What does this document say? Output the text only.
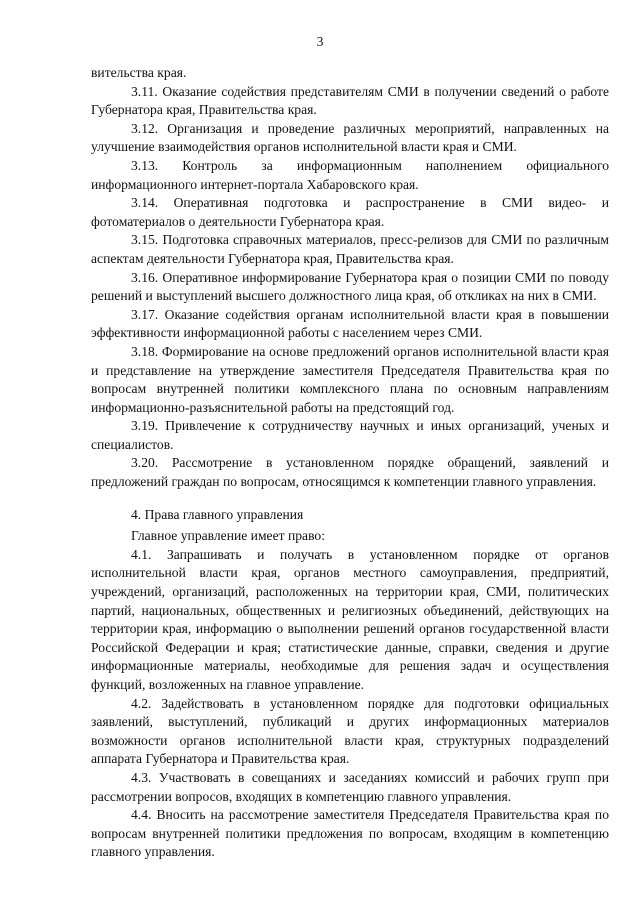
3

вительства края.

3.11. Оказание содействия представителям СМИ в получении сведений о работе Губернатора края, Правительства края.

3.12. Организация и проведение различных мероприятий, направленных на улучшение взаимодействия органов исполнительной власти края и СМИ.

3.13. Контроль за информационным наполнением официального информационного интернет-портала Хабаровского края.

3.14. Оперативная подготовка и распространение в СМИ видео- и фотоматериалов о деятельности Губернатора края.

3.15. Подготовка справочных материалов, пресс-релизов для СМИ по различным аспектам деятельности Губернатора края, Правительства края.

3.16. Оперативное информирование Губернатора края о позиции СМИ по поводу решений и выступлений высшего должностного лица края, об откликах на них в СМИ.

3.17. Оказание содействия органам исполнительной власти края в повышении эффективности информационной работы с населением через СМИ.

3.18. Формирование на основе предложений органов исполнительной власти края и представление на утверждение заместителя Председателя Правительства края по вопросам внутренней политики комплексного плана по основным направлениям информационно-разъяснительной работы на предстоящий год.

3.19. Привлечение к сотрудничеству научных и иных организаций, ученых и специалистов.

3.20. Рассмотрение в установленном порядке обращений, заявлений и предложений граждан по вопросам, относящимся к компетенции главного управления.

4. Права главного управления

Главное управление имеет право:

4.1. Запрашивать и получать в установленном порядке от органов исполнительной власти края, органов местного самоуправления, предприятий, учреждений, организаций, расположенных на территории края, СМИ, политических партий, национальных, общественных и религиозных объединений, действующих на территории края, информацию о выполнении решений органов государственной власти Российской Федерации и края; статистические данные, справки, сведения и другие информационные материалы, необходимые для решения задач и осуществления функций, возложенных на главное управление.

4.2. Задействовать в установленном порядке для подготовки официальных заявлений, выступлений, публикаций и других информационных материалов возможности органов исполнительной власти края, структурных подразделений аппарата Губернатора и Правительства края.

4.3. Участвовать в совещаниях и заседаниях комиссий и рабочих групп при рассмотрении вопросов, входящих в компетенцию главного управления.

4.4. Вносить на рассмотрение заместителя Председателя Правительства края по вопросам внутренней политики предложения по вопросам, входящим в компетенцию главного управления.
